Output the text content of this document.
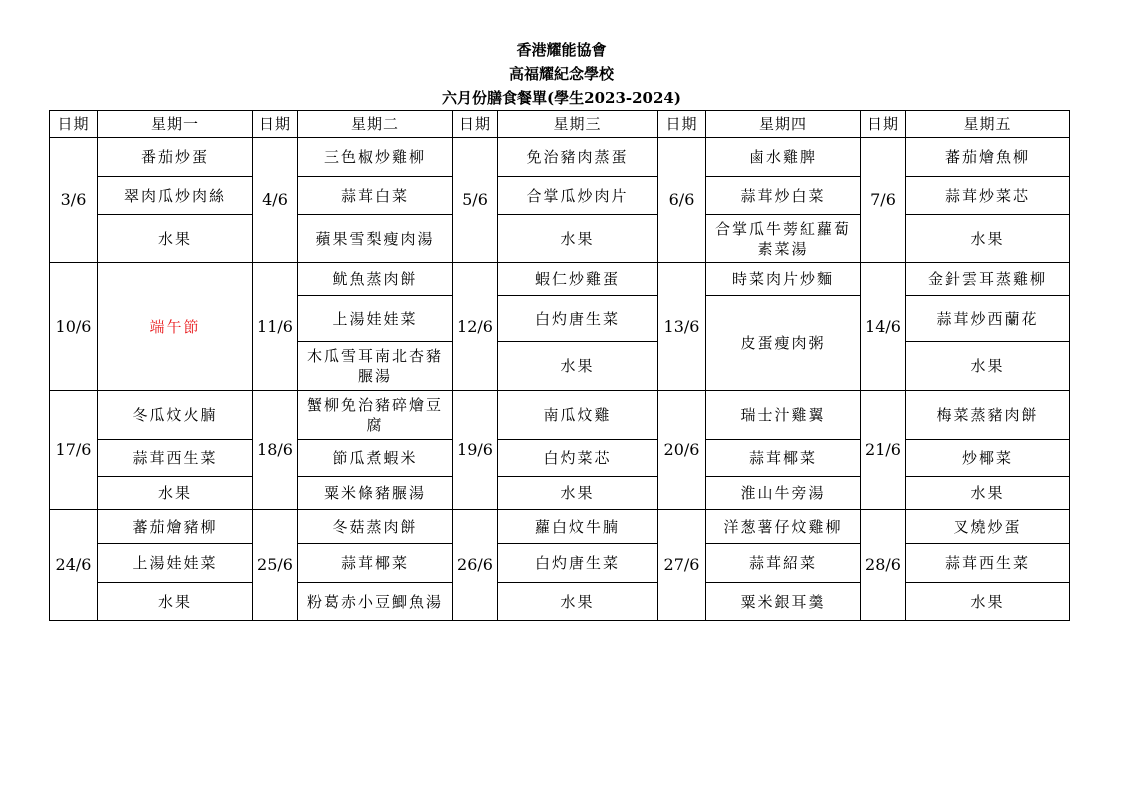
香港耀能協會
高福耀紀念學校
六月份膳食餐單(學生2023-2024)
日期	星期一	日期	星期二	日期	星期三	日期	星期四	日期	星期五
3/6	番茄炒蛋	4/6	三色椒炒雞柳	5/6	免治豬肉蒸蛋	6/6	鹵水雞脾	7/6	蕃茄燴魚柳
	翠肉瓜炒肉絲		蒜茸白菜		合掌瓜炒肉片		蒜茸炒白菜		蒜茸炒菜芯
	水果		蘋果雪梨瘦肉湯		水果		合掌瓜牛蒡紅蘿蔔素菜湯		水果
10/6	端午節	11/6	鱿魚蒸肉餅	12/6	蝦仁炒雞蛋	13/6	時菜肉片炒麵	14/6	金針雲耳蒸雞柳
			上湯娃娃菜		白灼唐生菜		皮蛋瘦肉粥		蒜茸炒西蘭花
			木瓜雪耳南北杏豬𦟌湯		水果				水果
17/6	冬瓜炆火腩	18/6	蟹柳免治豬碎燴豆腐	19/6	南瓜炆雞	20/6	瑞士汁雞翼	21/6	梅菜蒸豬肉餅
	蒜茸西生菜		節瓜煮蝦米		白灼菜芯		蒜茸椰菜		炒椰菜
	水果		粟米條豬𦟌湯		水果		淮山牛旁湯		水果
24/6	蕃茄燴豬柳	25/6	冬菇蒸肉餅	26/6	蘿白炆牛腩	27/6	洋葱薯仔炆雞柳	28/6	叉燒炒蛋
	上湯娃娃菜		蒜茸椰菜		白灼唐生菜		蒜茸紹菜		蒜茸西生菜
	水果		粉葛赤小豆鯽魚湯		水果		粟米銀耳羹		水果
